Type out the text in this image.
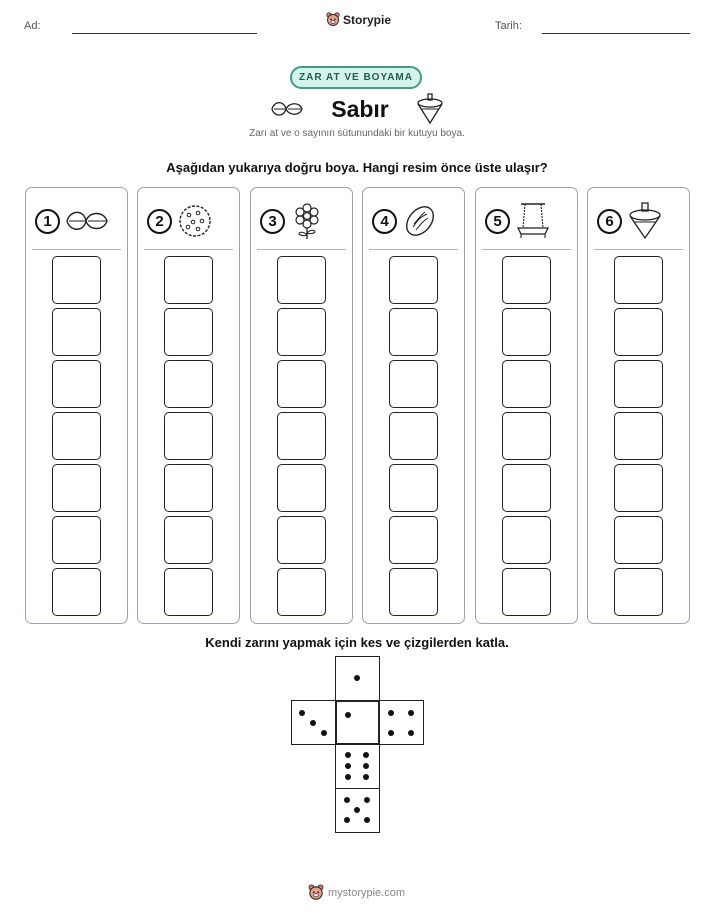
Ad:	Storypie	Tarih:
ZAR AT VE BOYAMA
Sabır
Zarı at ve o sayının sütunundaki bir kutuyu boya.
Aşağıdan yukarıya doğru boya. Hangi resim önce üste ulaşır?
1	2	3	4	5	6
Kendi zarını yapmak için kes ve çizgilerden katla.
mystorypie.com
